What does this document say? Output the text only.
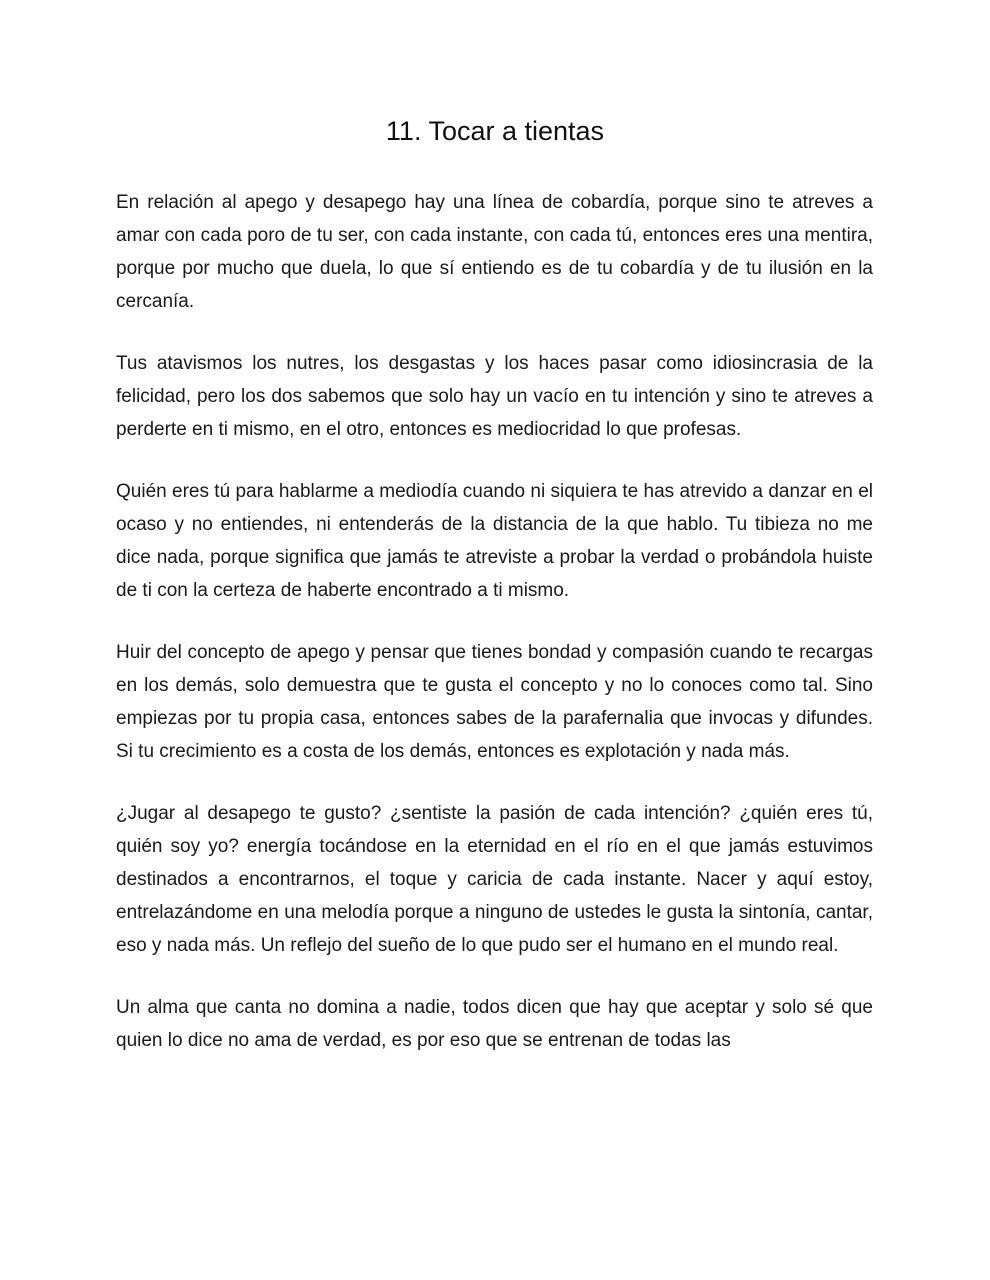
11. Tocar a tientas

En relación al apego y desapego hay una línea de cobardía, porque sino te atreves a amar con cada poro de tu ser, con cada instante, con cada tú, entonces eres una mentira, porque por mucho que duela, lo que sí entiendo es de tu cobardía y de tu ilusión en la cercanía.

Tus atavismos los nutres, los desgastas y los haces pasar como idiosincrasia de la felicidad, pero los dos sabemos que solo hay un vacío en tu intención y sino te atreves a perderte en ti mismo, en el otro, entonces es mediocridad lo que profesas.

Quién eres tú para hablarme a mediodía cuando ni siquiera te has atrevido a danzar en el ocaso y no entiendes, ni entenderás de la distancia de la que hablo. Tu tibieza no me dice nada, porque significa que jamás te atreviste a probar la verdad o probándola huiste de ti con la certeza de haberte encontrado a ti mismo.

Huir del concepto de apego y pensar que tienes bondad y compasión cuando te recargas en los demás, solo demuestra que te gusta el concepto y no lo conoces como tal. Sino empiezas por tu propia casa, entonces sabes de la parafernalia que invocas y difundes. Si tu crecimiento es a costa de los demás, entonces es explotación y nada más.

¿Jugar al desapego te gusto? ¿sentiste la pasión de cada intención? ¿quién eres tú, quién soy yo? energía tocándose en la eternidad en el río en el que jamás estuvimos destinados a encontrarnos, el toque y caricia de cada instante. Nacer y aquí estoy, entrelazándome en una melodía porque a ninguno de ustedes le gusta la sintonía, cantar, eso y nada más. Un reflejo del sueño de lo que pudo ser el humano en el mundo real.

Un alma que canta no domina a nadie, todos dicen que hay que aceptar y solo sé que quien lo dice no ama de verdad, es por eso que se entrenan de todas las
